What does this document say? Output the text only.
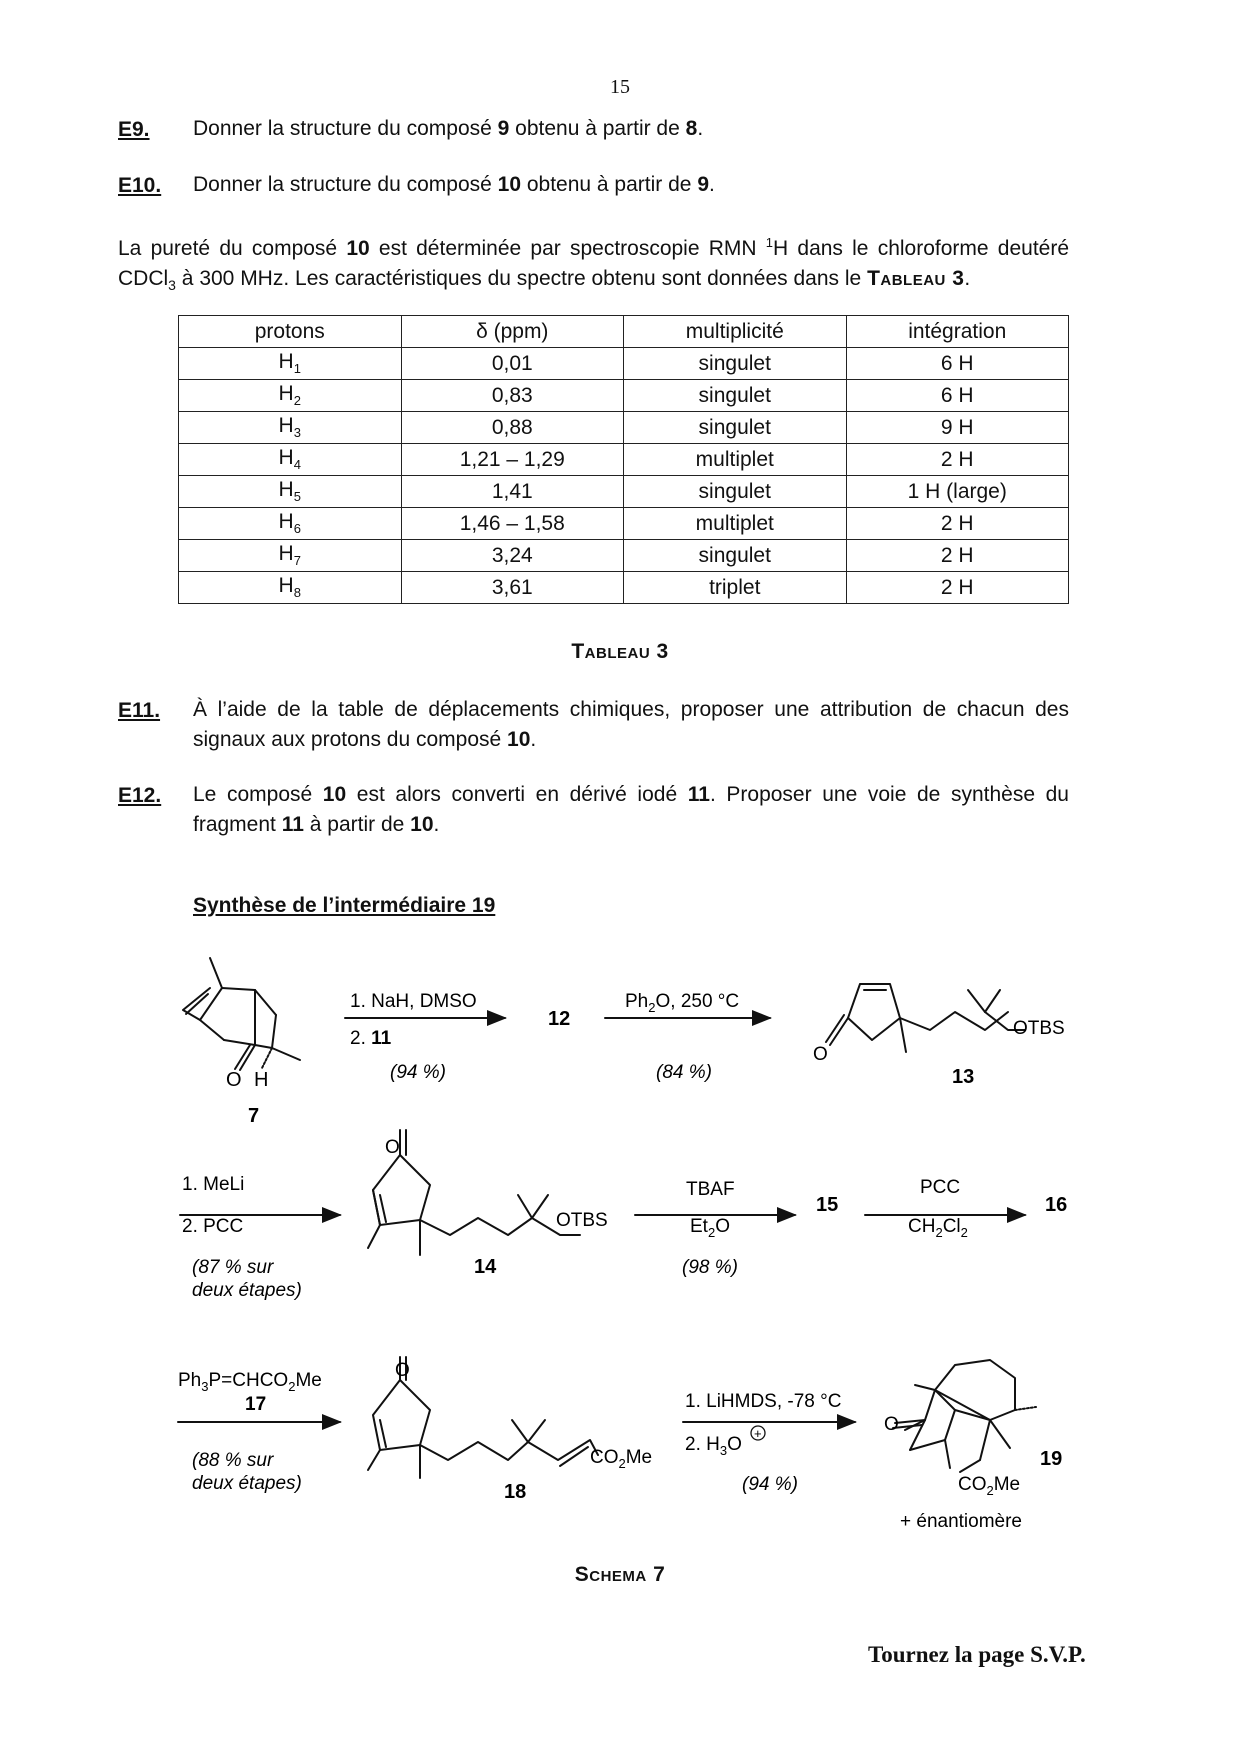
15
E9. Donner la structure du composé 9 obtenu à partir de 8.
E10. Donner la structure du composé 10 obtenu à partir de 9.
La pureté du composé 10 est déterminée par spectroscopie RMN $^1$H dans le chloroforme deutéré CDCl$_3$ à 300 MHz. Les caractéristiques du spectre obtenu sont données dans le Tableau 3.
protons	δ (ppm)	multiplicité	intégration
$H_1$	0,01	singulet	6 H
$H_2$	0,83	singulet	6 H
$H_3$	0,88	singulet	9 H
$H_4$	1,21 – 1,29	multiplet	2 H
$H_5$	1,41	singulet	1 H (large)
$H_6$	1,46 – 1,58	multiplet	2 H
$H_7$	3,24	singulet	2 H
$H_8$	3,61	triplet	2 H
Tableau 3
E11. À l’aide de la table de déplacements chimiques, proposer une attribution de chacun des signaux aux protons du composé 10.
E12. Le composé 10 est alors converti en dérivé iodé 11. Proposer une voie de synthèse du fragment 11 à partir de 10.
Synthèse de l’intermédiaire 19
O H
7
1. NaH, DMSO
2. 11
(94 %)
12
$Ph_2O$, 250 °C
(84 %)
O
OTBS
13
O
1. MeLi
2. PCC
(87 % sur
deux étapes)
OTBS
14
TBAF
$Et_2O$
(98 %)
15
PCC
$CH_2Cl_2$
16
$Ph_3P=CHCO_2Me$
17
(88 % sur
deux étapes)
O
$CO_2Me$
18
1. LiHMDS, -78 °C
2. $H_3O$
+
(94 %)
O
$CO_2Me$
19
+ énantiomère
Schema 7
Tournez la page S.V.P.
